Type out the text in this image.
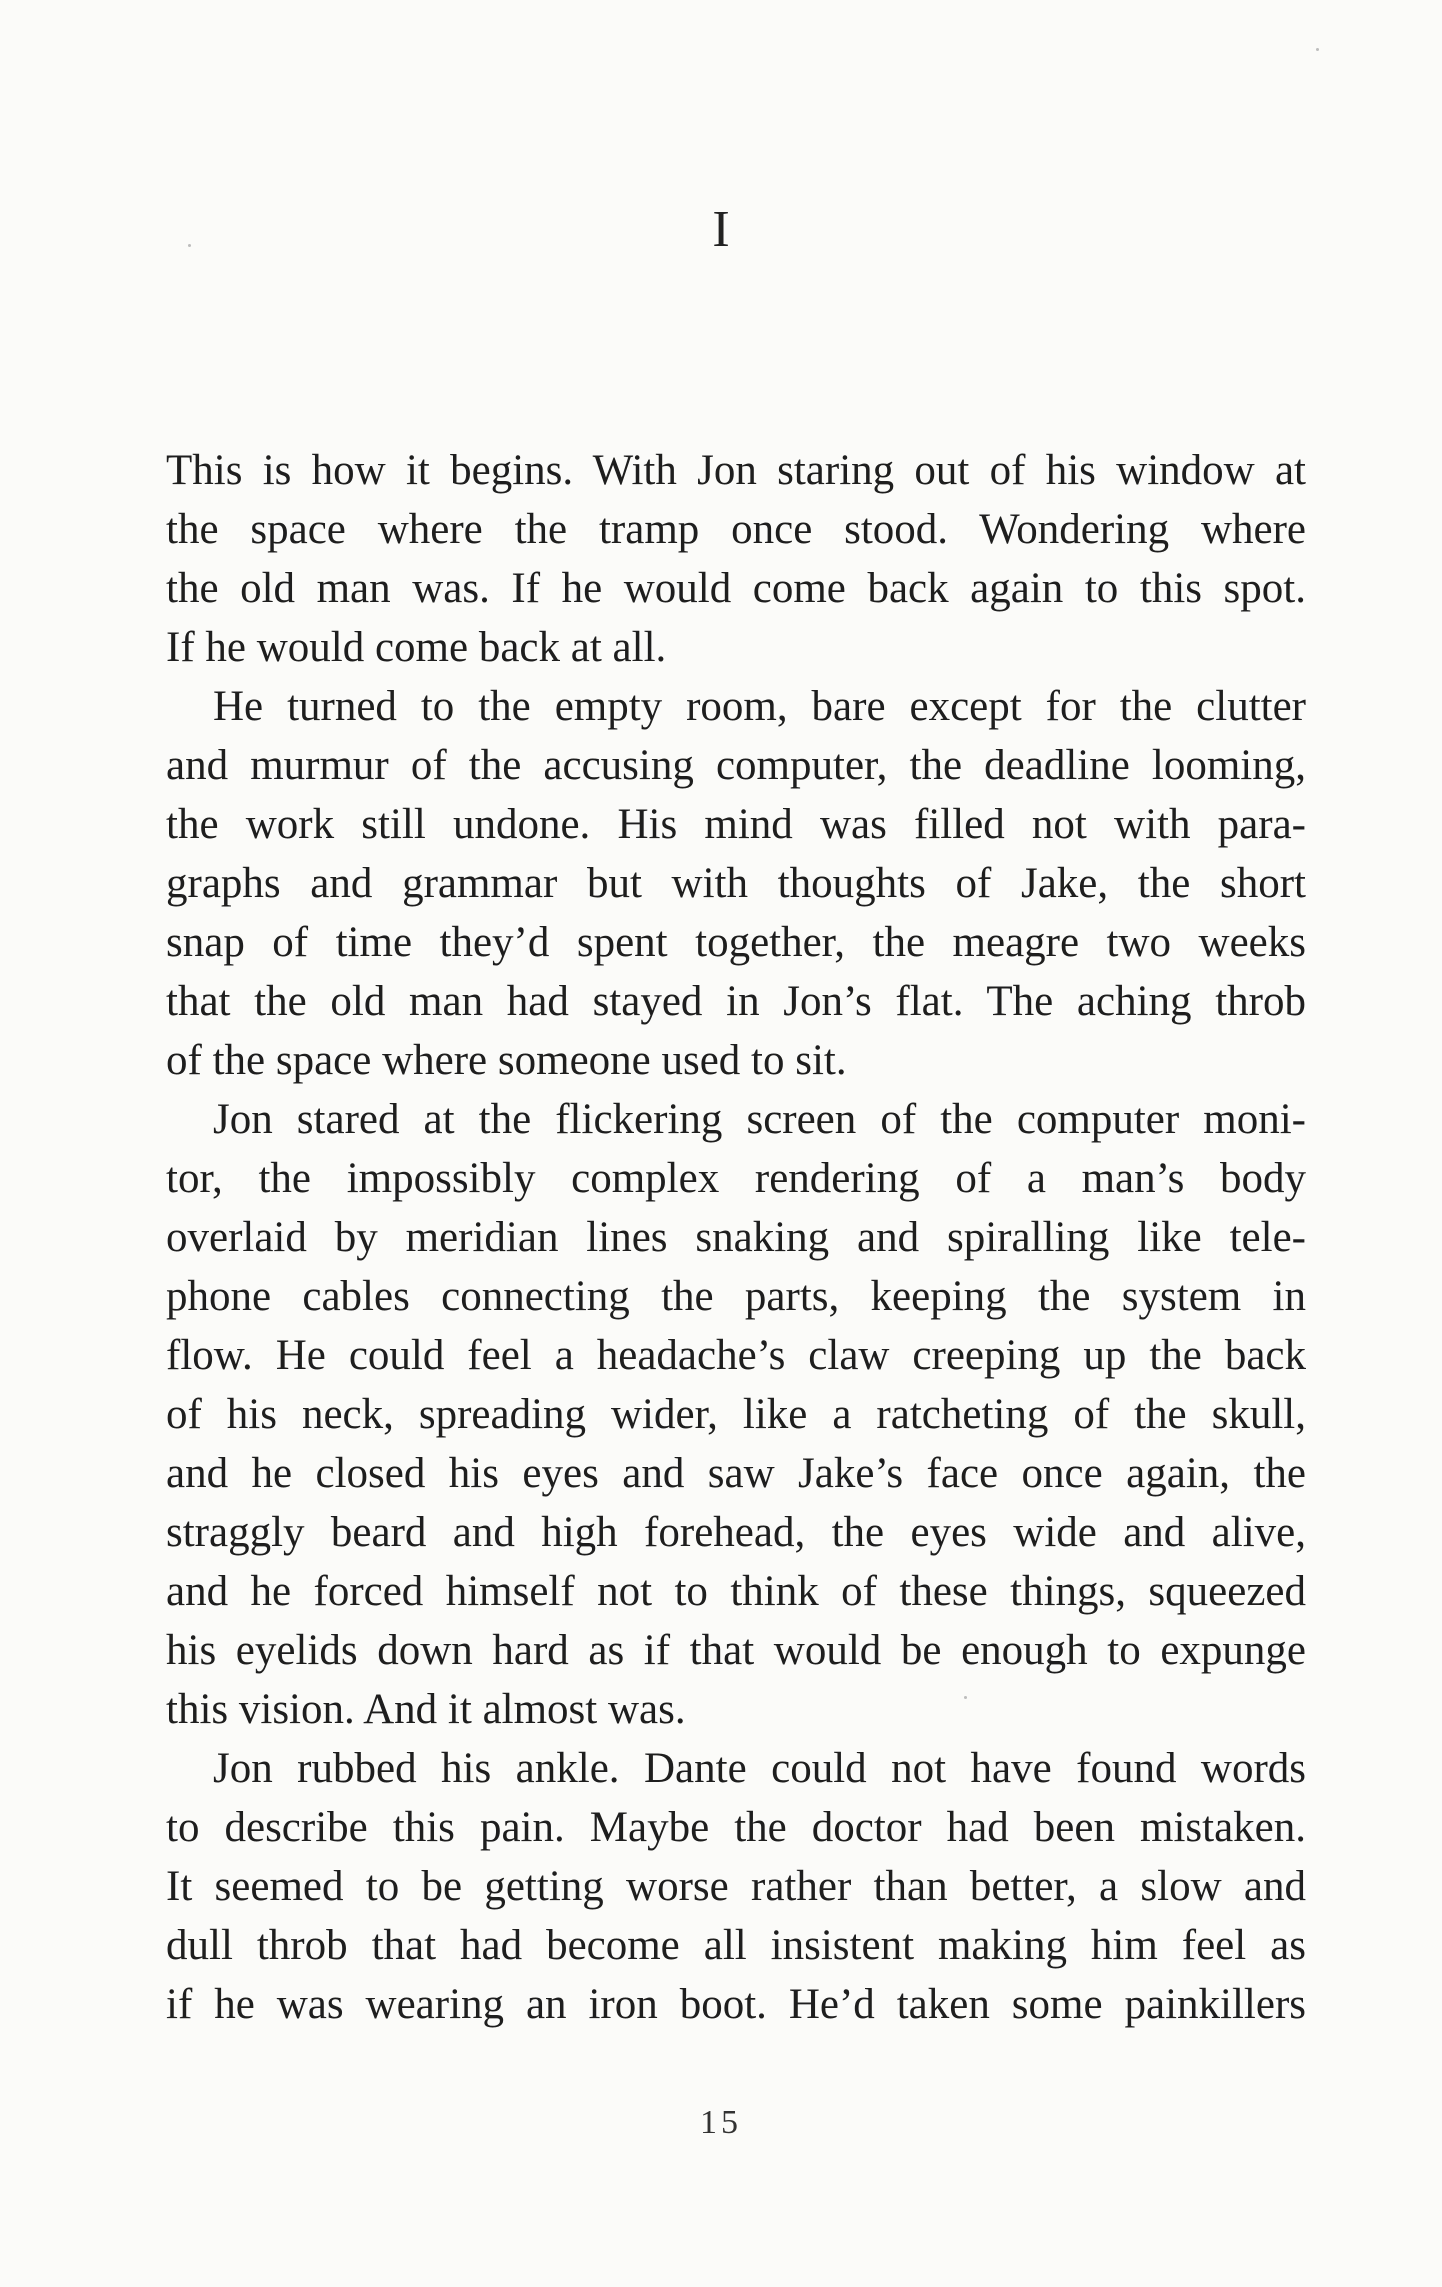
I
This is how it begins. With Jon staring out of his window at
the space where the tramp once stood. Wondering where
the old man was. If he would come back again to this spot.
If he would come back at all.
He turned to the empty room, bare except for the clutter
and murmur of the accusing computer, the deadline looming,
the work still undone. His mind was filled not with para-
graphs and grammar but with thoughts of Jake, the short
snap of time they’d spent together, the meagre two weeks
that the old man had stayed in Jon’s flat. The aching throb
of the space where someone used to sit.
Jon stared at the flickering screen of the computer moni-
tor, the impossibly complex rendering of a man’s body
overlaid by meridian lines snaking and spiralling like tele-
phone cables connecting the parts, keeping the system in
flow. He could feel a headache’s claw creeping up the back
of his neck, spreading wider, like a ratcheting of the skull,
and he closed his eyes and saw Jake’s face once again, the
straggly beard and high forehead, the eyes wide and alive,
and he forced himself not to think of these things, squeezed
his eyelids down hard as if that would be enough to expunge
this vision. And it almost was.
Jon rubbed his ankle. Dante could not have found words
to describe this pain. Maybe the doctor had been mistaken.
It seemed to be getting worse rather than better, a slow and
dull throb that had become all insistent making him feel as
if he was wearing an iron boot. He’d taken some painkillers
15
